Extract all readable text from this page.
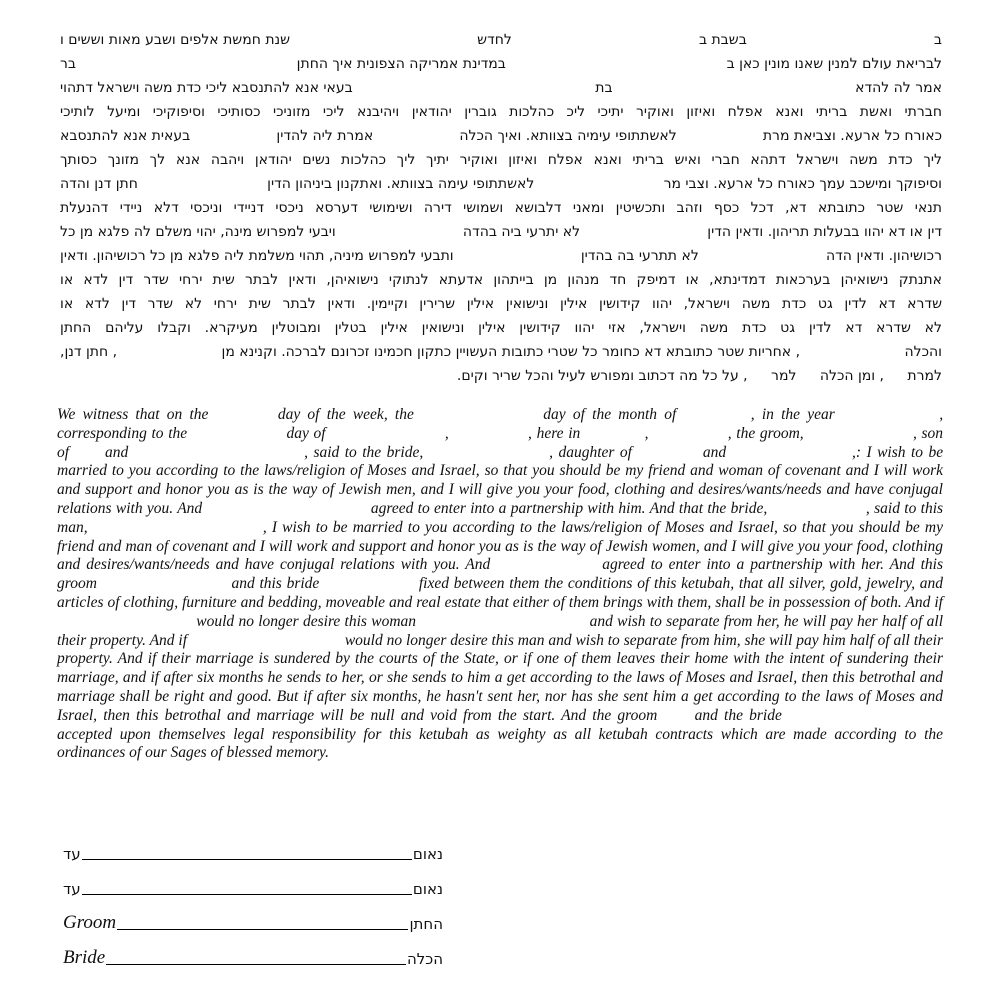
ב
בשבת ב
לחדש
שנת חמשת אלפים ושבע מאות וששים ו
לבריאת עולם למנין שאנו מונין כאן ב
במדינת אמריקה הצפונית איך החתן
בר
אמר לה להדא
בת
בעאי אנא להתנסבא ליכי כדת משה וישראל דתהוי
חברתי ואשת בריתי ואנא אפלח ואיזון ואוקיר יתיכי ליכ כהלכות גוברין יהודאין ויהיבנא ליכי מזוניכי כסותיכי וסיפוקיכי ומיעל לותיכי
כאורח כל ארעא. וצביאת מרת
לאשתתופי עימיה בצוותא. ואיך הכלה
אמרת ליה להדין
בעאית אנא להתנסבא
ליך כדת משה וישראל דתהא חברי ואיש בריתי ואנא אפלח ואיזון ואוקיר יתיך ליך כהלכות נשים יהודאן ויהבה אנא לך מזונך כסותך
וסיפוקך ומישכב עמך כאורח כל ארעא. וצבי מר
לאשתתופי עימה בצוותא. ואתקנון ביניהון הדין
חתן דנן והדה
תנאי שטר כתובתא דא, דכל כסף וזהב ותכשיטין ומאני דלבושא ושמושי דירה ושימושי דערסא ניכסי דניידי וניכסי דלא ניידי דהנעלת
דין או דא יהוו בבעלות תריהון. ודאין הדין
לא יתרעי ביה בהדה
ויבעי למפרוש מינה, יהוי משלם לה פלגא מן כל
רכושיהון. ודאין הדה
לא תתרעי בה בהדין
ותבעי למפרוש מיניה, תהוי משלמת ליה פלגא מן כל רכושיהון. ודאין
אתנתק נישואיהן בערכאות דמדינתא, או דמיפק חד מנהון מן בייתהון אדעתא לנתוקי נישואיהן, ודאין לבתר שית ירחי שדר דין לדא או
שדרא דא לדין גט כדת משה וישראל, יהוו קידושין אילין ונישואין אילין שרירין וקיימין. ודאין לבתר שית ירחי לא שדר דין לדא או
לא שדרא דא לדין גט כדת משה וישראל, אזי יהוו קידושין אילין ונישואין אילין בטלין ומבוטלין מעיקרא. וקבלו עליהם החתן
והכלה
, אחריות שטר כתובתא דא כחומר כל שטרי כתובות העשויין כתקון חכמינו זכרונם לברכה. וקנינא מן
, חתן דנן,
למרת
, ומן הכלה
למר
, על כל מה דכתוב ומפורש לעיל והכל שריר וקים.
We witness that on the	day of the week, the	day of the month of	, in the year	, corresponding to the	day of	,	, here in	,	, the groom,	, son of and	, said to the bride,	, daughter of	and	,: I wish to be married to you according to the laws/religion of Moses and Israel, so that you should be my friend and woman of covenant and I will work and support and honor you as is the way of Jewish men, and I will give you your food, clothing and desires/wants/needs and have conjugal relations with you. And	agreed to enter into a partnership with him. And that the bride,	, said to this man,	, I wish to be married to you according to the laws/religion of Moses and Israel, so that you should be my friend and man of covenant and I will work and support and honor you as is the way of Jewish women, and I will give you your food, clothing and desires/wants/needs and have conjugal relations with you. And	agreed to enter into a partnership with her. And this groom	and this bride	fixed between them the conditions of this ketubah, that all silver, gold, jewelry, and articles of clothing, furniture and bedding, moveable and real estate that either of them brings with them, shall be in possession of both. And if  would no longer desire this woman	and wish to separate from her, he will pay her half of all their property. And if	would no longer desire this man and wish to separate from him, she will pay him half of all their property. And if their marriage is sundered by the courts of the State, or if one of them leaves their home with the intent of sundering their marriage, and if after six months he sends to her, or she sends to him a get according to the laws of Moses and Israel, then this betrothal and marriage shall be right and good. But if after six months, he hasn't sent her, nor has she sent him a get according to the laws of Moses and Israel, then this betrothal and marriage will be null and void from the start. And the groom and the bride  accepted upon themselves legal responsibility for this ketubah as weighty as all ketubah contracts which are made according to the ordinances of our Sages of blessed memory.
עד	נאום
עד	נאום
Groom	החתן
Bride	הכלה
